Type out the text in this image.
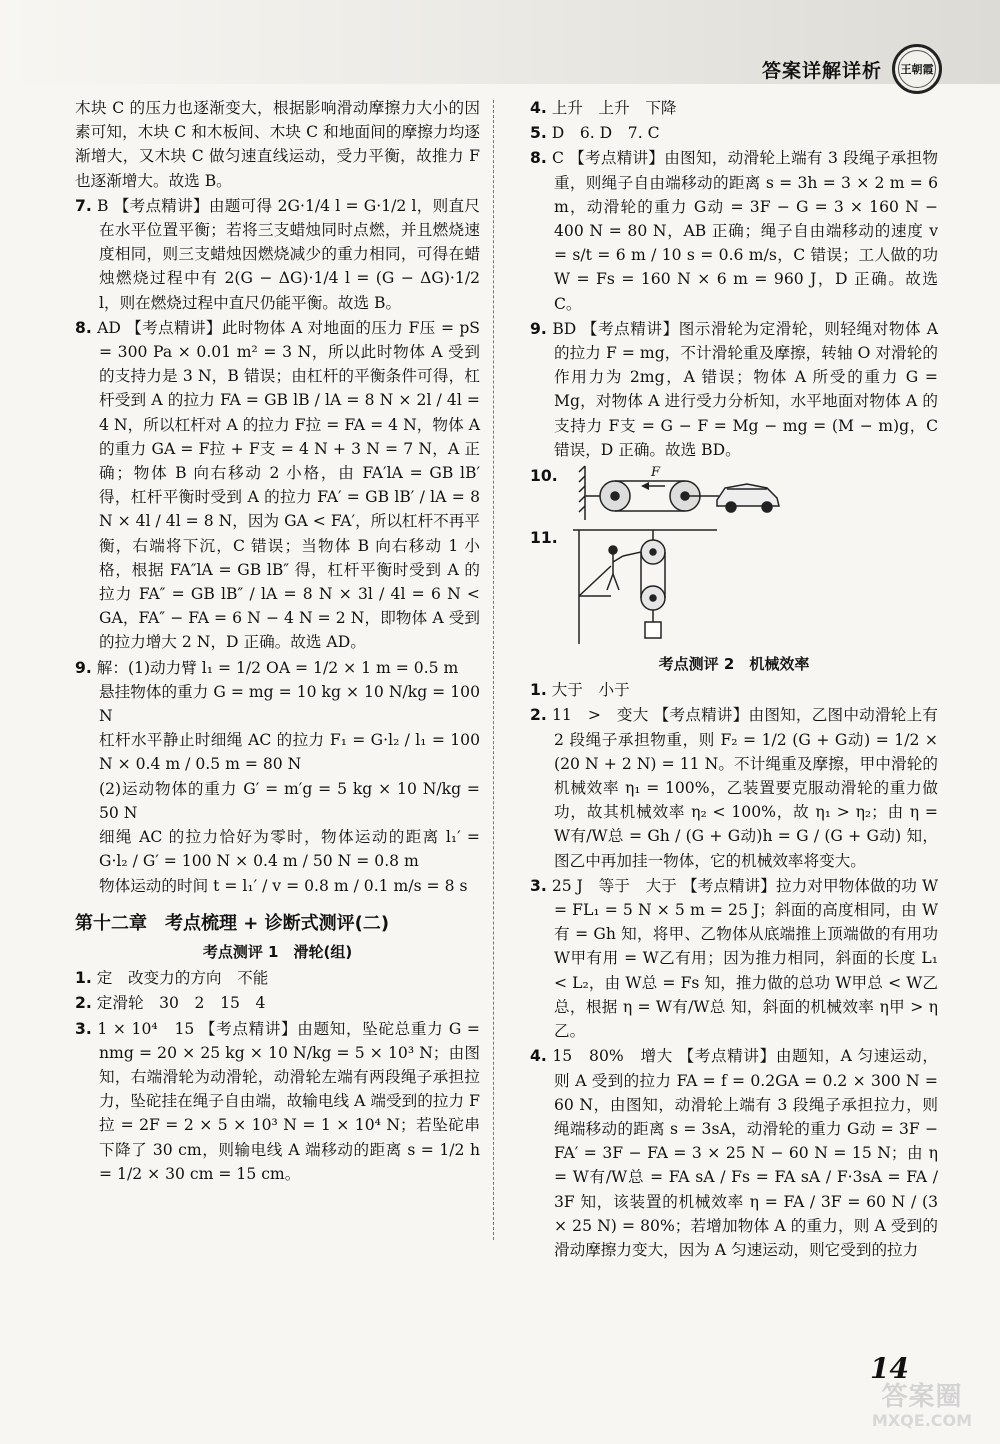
答案详解详析 王朝霞

木块 C 的压力也逐渐变大，根据影响滑动摩擦力大小的因素可知，木块 C 和木板间、木块 C 和地面间的摩擦力均逐渐增大，又木块 C 做匀速直线运动，受力平衡，故推力 F 也逐渐增大。故选 B。

7. B 【考点精讲】由题可得 2G·1/4 l = G·1/2 l，则直尺在水平位置平衡；若将三支蜡烛同时点燃，并且燃烧速度相同，则三支蜡烛因燃烧减少的重力相同，可得在蜡烛燃烧过程中有 2(G − ΔG)·1/4 l = (G − ΔG)·1/2 l，则在燃烧过程中直尺仍能平衡。故选 B。

8. AD 【考点精讲】此时物体 A 对地面的压力 F压 = pS = 300 Pa × 0.01 m² = 3 N，所以此时物体 A 受到的支持力是 3 N，B 错误；由杠杆的平衡条件可得，杠杆受到 A 的拉力 FA = GB lB / lA = 8 N × 2l / 4l = 4 N，所以杠杆对 A 的拉力 F拉 = FA = 4 N，物体 A 的重力 GA = F拉 + F支 = 4 N + 3 N = 7 N，A 正确；物体 B 向右移动 2 小格，由 FA′lA = GB lB′ 得，杠杆平衡时受到 A 的拉力 FA′ = GB lB′ / lA = 8 N × 4l / 4l = 8 N，因为 GA < FA′，所以杠杆不再平衡，右端将下沉，C 错误；当物体 B 向右移动 1 小格，根据 FA″lA = GB lB″ 得，杠杆平衡时受到 A 的拉力 FA″ = GB lB″ / lA = 8 N × 3l / 4l = 6 N < GA，FA″ − FA = 6 N − 4 N = 2 N，即物体 A 受到的拉力增大 2 N，D 正确。故选 AD。

9. 解：(1)动力臂 l₁ = 1/2 OA = 1/2 × 1 m = 0.5 m
悬挂物体的重力 G = mg = 10 kg × 10 N/kg = 100 N
杠杆水平静止时细绳 AC 的拉力 F₁ = G·l₂ / l₁ = 100 N × 0.4 m / 0.5 m = 80 N
(2)运动物体的重力 G′ = m′g = 5 kg × 10 N/kg = 50 N
细绳 AC 的拉力恰好为零时，物体运动的距离 l₁′ = G·l₂ / G′ = 100 N × 0.4 m / 50 N = 0.8 m
物体运动的时间 t = l₁′ / v = 0.8 m / 0.1 m/s = 8 s
第十二章　考点梳理 + 诊断式测评(二)
考点测评 1　滑轮(组)

1. 定　改变力的方向　不能

2. 定滑轮　30　2　15　4

3. 1 × 10⁴　15 【考点精讲】由题知，坠砣总重力 G = nmg = 20 × 25 kg × 10 N/kg = 5 × 10³ N；由图知，右端滑轮为动滑轮，动滑轮左端有两段绳子承担拉力，坠砣挂在绳子自由端，故输电线 A 端受到的拉力 F拉 = 2F = 2 × 5 × 10³ N = 1 × 10⁴ N；若坠砣串下降了 30 cm，则输电线 A 端移动的距离 s = 1/2 h = 1/2 × 30 cm = 15 cm。

4. 上升　上升　下降

5. D　6. D　7. C

8. C 【考点精讲】由图知，动滑轮上端有 3 段绳子承担物重，则绳子自由端移动的距离 s = 3h = 3 × 2 m = 6 m，动滑轮的重力 G动 = 3F − G = 3 × 160 N − 400 N = 80 N，AB 正确；绳子自由端移动的速度 v = s/t = 6 m / 10 s = 0.6 m/s，C 错误；工人做的功 W = Fs = 160 N × 6 m = 960 J，D 正确。故选 C。

9. BD 【考点精讲】图示滑轮为定滑轮，则轻绳对物体 A 的拉力 F = mg，不计滑轮重及摩擦，转轴 O 对滑轮的作用力为 2mg，A 错误；物体 A 所受的重力 G = Mg，对物体 A 进行受力分析知，水平地面对物体 A 的支持力 F支 = G − F = Mg − mg = (M − m)g，C 错误，D 正确。故选 BD。

10.	F
11.
考点测评 2　机械效率

1. 大于　小于

2. 11　>　变大 【考点精讲】由图知，乙图中动滑轮上有 2 段绳子承担物重，则 F₂ = 1/2 (G + G动) = 1/2 × (20 N + 2 N) = 11 N。不计绳重及摩擦，甲中滑轮的机械效率 η₁ = 100%，乙装置要克服动滑轮的重力做功，故其机械效率 η₂ < 100%，故 η₁ > η₂；由 η = W有/W总 = Gh / (G + G动)h = G / (G + G动) 知，图乙中再加挂一物体，它的机械效率将变大。

3. 25 J　等于　大于 【考点精讲】拉力对甲物体做的功 W = FL₁ = 5 N × 5 m = 25 J；斜面的高度相同，由 W有 = Gh 知，将甲、乙物体从底端推上顶端做的有用功 W甲有用 = W乙有用；因为推力相同，斜面的长度 L₁ < L₂，由 W总 = Fs 知，推力做的总功 W甲总 < W乙总，根据 η = W有/W总 知，斜面的机械效率 η甲 > η乙。

4. 15　80%　增大 【考点精讲】由题知，A 匀速运动，则 A 受到的拉力 FA = f = 0.2GA = 0.2 × 300 N = 60 N，由图知，动滑轮上端有 3 段绳子承担拉力，则绳端移动的距离 s = 3sA，动滑轮的重力 G动 = 3F − FA′ = 3F − FA = 3 × 25 N − 60 N = 15 N；由 η = W有/W总 = FA sA / Fs = FA sA / F·3sA = FA / 3F 知，该装置的机械效率 η = FA / 3F = 60 N / (3 × 25 N) = 80%；若增加物体 A 的重力，则 A 受到的滑动摩擦力变大，因为 A 匀速运动，则它受到的拉力

14
答案圈
MXQE.COM
